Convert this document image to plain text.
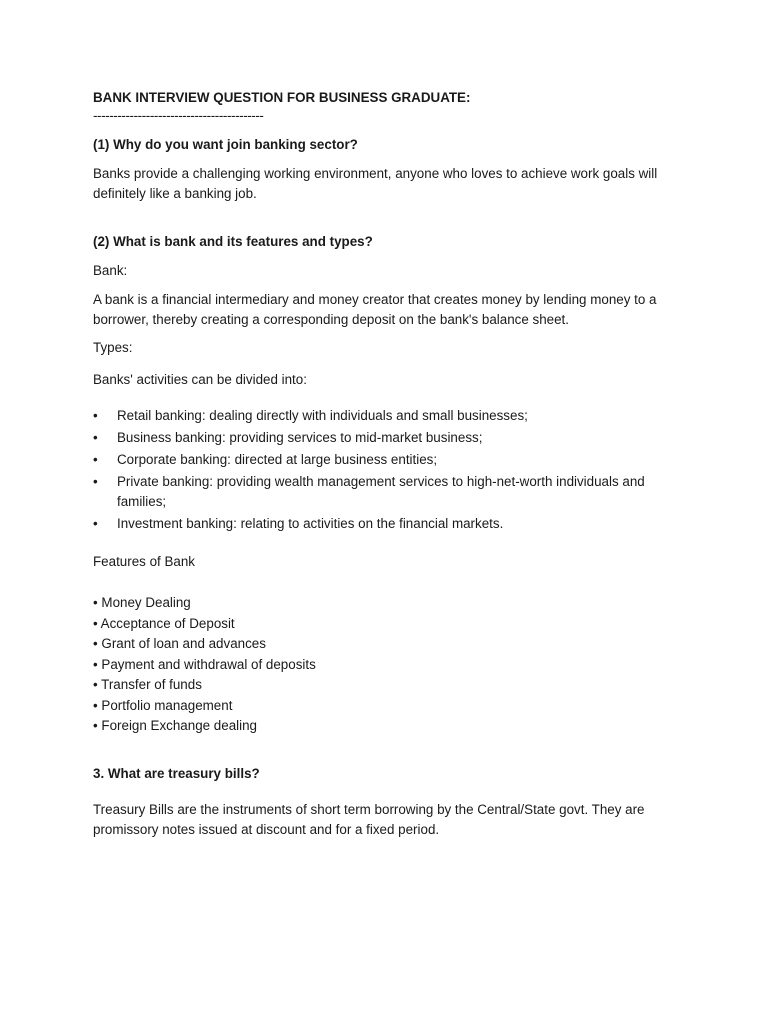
BANK INTERVIEW QUESTION FOR BUSINESS GRADUATE:

------------------------------------------

(1) Why do you want join banking sector?

Banks provide a challenging working environment, anyone who loves to achieve work goals will definitely like a banking job.

(2) What is bank and its features and types?

Bank:

A bank is a financial intermediary and money creator that creates money by lending money to a borrower, thereby creating a corresponding deposit on the bank's balance sheet.

Types:

Banks' activities can be divided into:

•	Retail banking: dealing directly with individuals and small businesses;
•	Business banking: providing services to mid-market business;
•	Corporate banking: directed at large business entities;
•	Private banking: providing wealth management services to high-net-worth individuals and families;
•	Investment banking: relating to activities on the financial markets.

Features of Bank

• Money Dealing
• Acceptance of Deposit
• Grant of loan and advances
• Payment and withdrawal of deposits
• Transfer of funds
• Portfolio management
• Foreign Exchange dealing

3. What are treasury bills?

Treasury Bills are the instruments of short term borrowing by the Central/State govt. They are promissory notes issued at discount and for a fixed period.
